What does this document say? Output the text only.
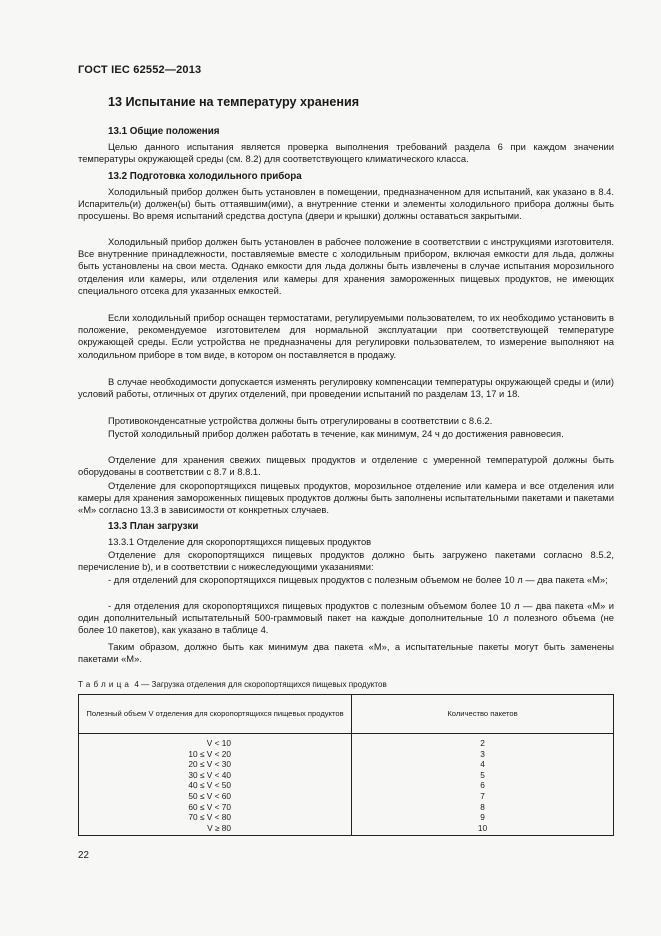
ГОСТ IEC 62552—2013
13 Испытание на температуру хранения
13.1 Общие положения

Целью данного испытания является проверка выполнения требований раздела 6 при каждом значении температуры окружающей среды (см. 8.2) для соответствующего климатического класса.

13.2 Подготовка холодильного прибора

Холодильный прибор должен быть установлен в помещении, предназначенном для испытаний, как указано в 8.4. Испаритель(и) должен(ы) быть оттаявшим(ими), а внутренние стенки и элементы холодильного прибора должны быть просушены. Во время испытаний средства доступа (двери и крышки) должны оставаться закрытыми.

Холодильный прибор должен быть установлен в рабочее положение в соответствии с инструкциями изготовителя. Все внутренние принадлежности, поставляемые вместе с холодильным прибором, включая емкости для льда, должны быть установлены на свои места. Однако емкости для льда должны быть извлечены в случае испытания морозильного отделения или камеры, или отделения или камеры для хранения замороженных пищевых продуктов, не имеющих специального отсека для указанных емкостей.

Если холодильный прибор оснащен термостатами, регулируемыми пользователем, то их необходимо установить в положение, рекомендуемое изготовителем для нормальной эксплуатации при соответствующей температуре окружающей среды. Если устройства не предназначены для регулировки пользователем, то измерение выполняют на холодильном приборе в том виде, в котором он поставляется в продажу.

В случае необходимости допускается изменять регулировку компенсации температуры окружающей среды и (или) условий работы, отличных от других отделений, при проведении испытаний по разделам 13, 17 и 18.

Противоконденсатные устройства должны быть отрегулированы в соответствии с 8.6.2.

Пустой холодильный прибор должен работать в течение, как минимум, 24 ч до достижения равновесия.

Отделение для хранения свежих пищевых продуктов и отделение с умеренной температурой должны быть оборудованы в соответствии с 8.7 и 8.8.1.

Отделение для скоропортящихся пищевых продуктов, морозильное отделение или камера и все отделения или камеры для хранения замороженных пищевых продуктов должны быть заполнены испытательными пакетами и пакетами «М» согласно 13.3 в зависимости от конкретных случаев.

13.3 План загрузки
13.3.1 Отделение для скоропортящихся пищевых продуктов

Отделение для скоропортящихся пищевых продуктов должно быть загружено пакетами согласно 8.5.2, перечисление b), и в соответствии с нижеследующими указаниями:

- для отделений для скоропортящихся пищевых продуктов с полезным объемом не более 10 л — два пакета «М»;

- для отделения для скоропортящихся пищевых продуктов с полезным объемом более 10 л — два пакета «М» и один дополнительный испытательный 500-граммовый пакет на каждые дополнительные 10 л полезного объема (не более 10 пакетов), как указано в таблице 4.

Таким образом, должно быть как минимум два пакета «М», а испытательные пакеты могут быть заменены пакетами «М».

Таблица 4 — Загрузка отделения для скоропортящихся пищевых продуктов
Полезный объем V отделения для скоропортящихся пищевых продуктов	Количество пакетов
V < 10	2
10 ≤ V < 20	3
20 ≤ V < 30	4
30 ≤ V < 40	5
40 ≤ V < 50	6
50 ≤ V < 60	7
60 ≤ V < 70	8
70 ≤ V < 80	9
V ≥ 80	10
22
